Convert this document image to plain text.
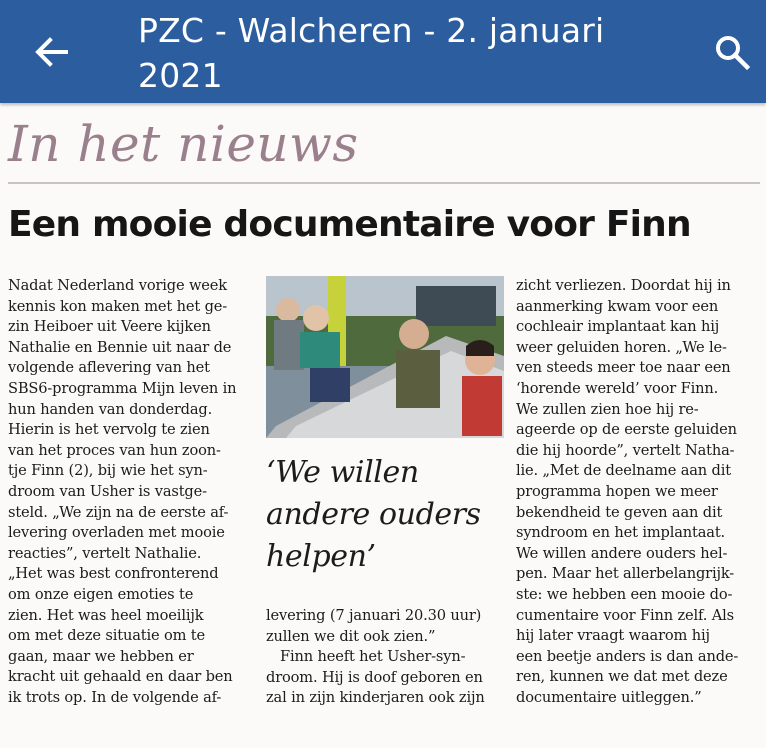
PZC - Walcheren - 2. januari
2021
In het nieuws
Een mooie documentaire voor Finn
Nadat Nederland vorige week
kennis kon maken met het ge-
zin Heiboer uit Veere kijken
Nathalie en Bennie uit naar de
volgende aflevering van het
SBS6-programma Mijn leven in
hun handen van donderdag.
Hierin is het vervolg te zien
van het proces van hun zoon-
tje Finn (2), bij wie het syn-
droom van Usher is vastge-
steld. „We zijn na de eerste af-
levering overladen met mooie
reacties”, vertelt Nathalie.
„Het was best confronterend
om onze eigen emoties te
zien. Het was heel moeilijk
om met deze situatie om te
gaan, maar we hebben er
kracht uit gehaald en daar ben
ik trots op. In de volgende af-
‘We willen
andere ouders
helpen’
levering (7 januari 20.30 uur)
zullen we dit ook zien.”
Finn heeft het Usher-syn-
droom. Hij is doof geboren en
zal in zijn kinderjaren ook zijn
zicht verliezen. Doordat hij in
aanmerking kwam voor een
cochleair implantaat kan hij
weer geluiden horen. „We le-
ven steeds meer toe naar een
‘horende wereld’ voor Finn.
We zullen zien hoe hij re-
ageerde op de eerste geluiden
die hij hoorde”, vertelt Natha-
lie. „Met de deelname aan dit
programma hopen we meer
bekendheid te geven aan dit
syndroom en het implantaat.
We willen andere ouders hel-
pen. Maar het allerbelangrijk-
ste: we hebben een mooie do-
cumentaire voor Finn zelf. Als
hij later vraagt waarom hij
een beetje anders is dan ande-
ren, kunnen we dat met deze
documentaire uitleggen.”
